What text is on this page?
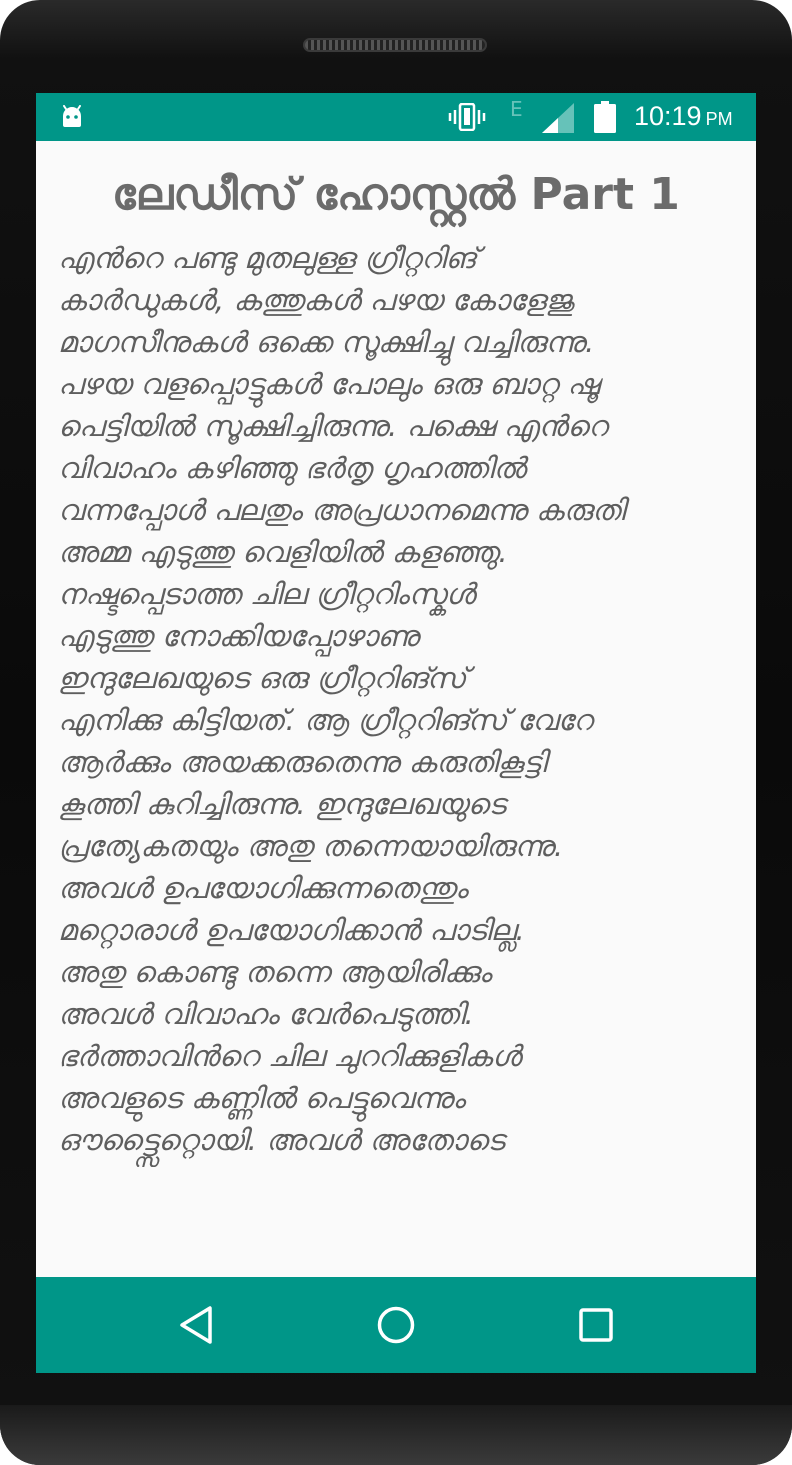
E	10:19 PM
ലേഡീസ് ഹോസ്റ്റൽ Part 1
എൻറെ പണ്ടു മുതലുള്ള ഗ്രീറ്ററിങ്
കാർഡുകൾ, കത്തുകൾ പഴയ കോളേജു
മാഗസീനുകൾ ഒക്കെ സൂക്ഷിച്ചു വച്ചിരുന്നു.
പഴയ വളപ്പൊട്ടുകൾ പോലും ഒരു ബാറ്റ ഷൂ
പെട്ടിയിൽ സൂക്ഷിച്ചിരുന്നു. പക്ഷെ എൻറെ
വിവാഹം കഴിഞ്ഞു ഭർതൃ ഗൃഹത്തിൽ
വന്നപ്പോൾ പലതും അപ്രധാനമെന്നു കരുതി
അമ്മ എടുത്തു വെളിയിൽ കളഞ്ഞു.
നഷ്ടപ്പെടാത്ത ചില ഗ്രീറ്ററിംസ്കൾ
എടുത്തു നോക്കിയപ്പോഴാണു
ഇന്ദുലേഖയുടെ ഒരു ഗ്രീറ്ററിങ്സ്
എനിക്കു കിട്ടിയത്. ആ ഗ്രീറ്ററിങ്സ് വേറേ
ആർക്കും അയക്കരുതെന്നു കരുതികൂട്ടി
കൂത്തി കുറിച്ചിരുന്നു. ഇന്ദുലേഖയുടെ
പ്രത്യേകതയും അതു തന്നെയായിരുന്നു.
അവൾ ഉപയോഗിക്കുന്നതെന്തും
മറ്റൊരാൾ ഉപയോഗിക്കാൻ പാടില്ല.
അതു കൊണ്ടു തന്നെ ആയിരിക്കും
അവൾ വിവാഹം വേർപെടുത്തി.
ഭർത്താവിൻറെ ചില ചുററിക്കുളികൾ
അവളുടെ കണ്ണിൽ പെട്ടുവെന്നും
ഔട്ട്സൈറ്റൊയി. അവൾ അതോടെ
